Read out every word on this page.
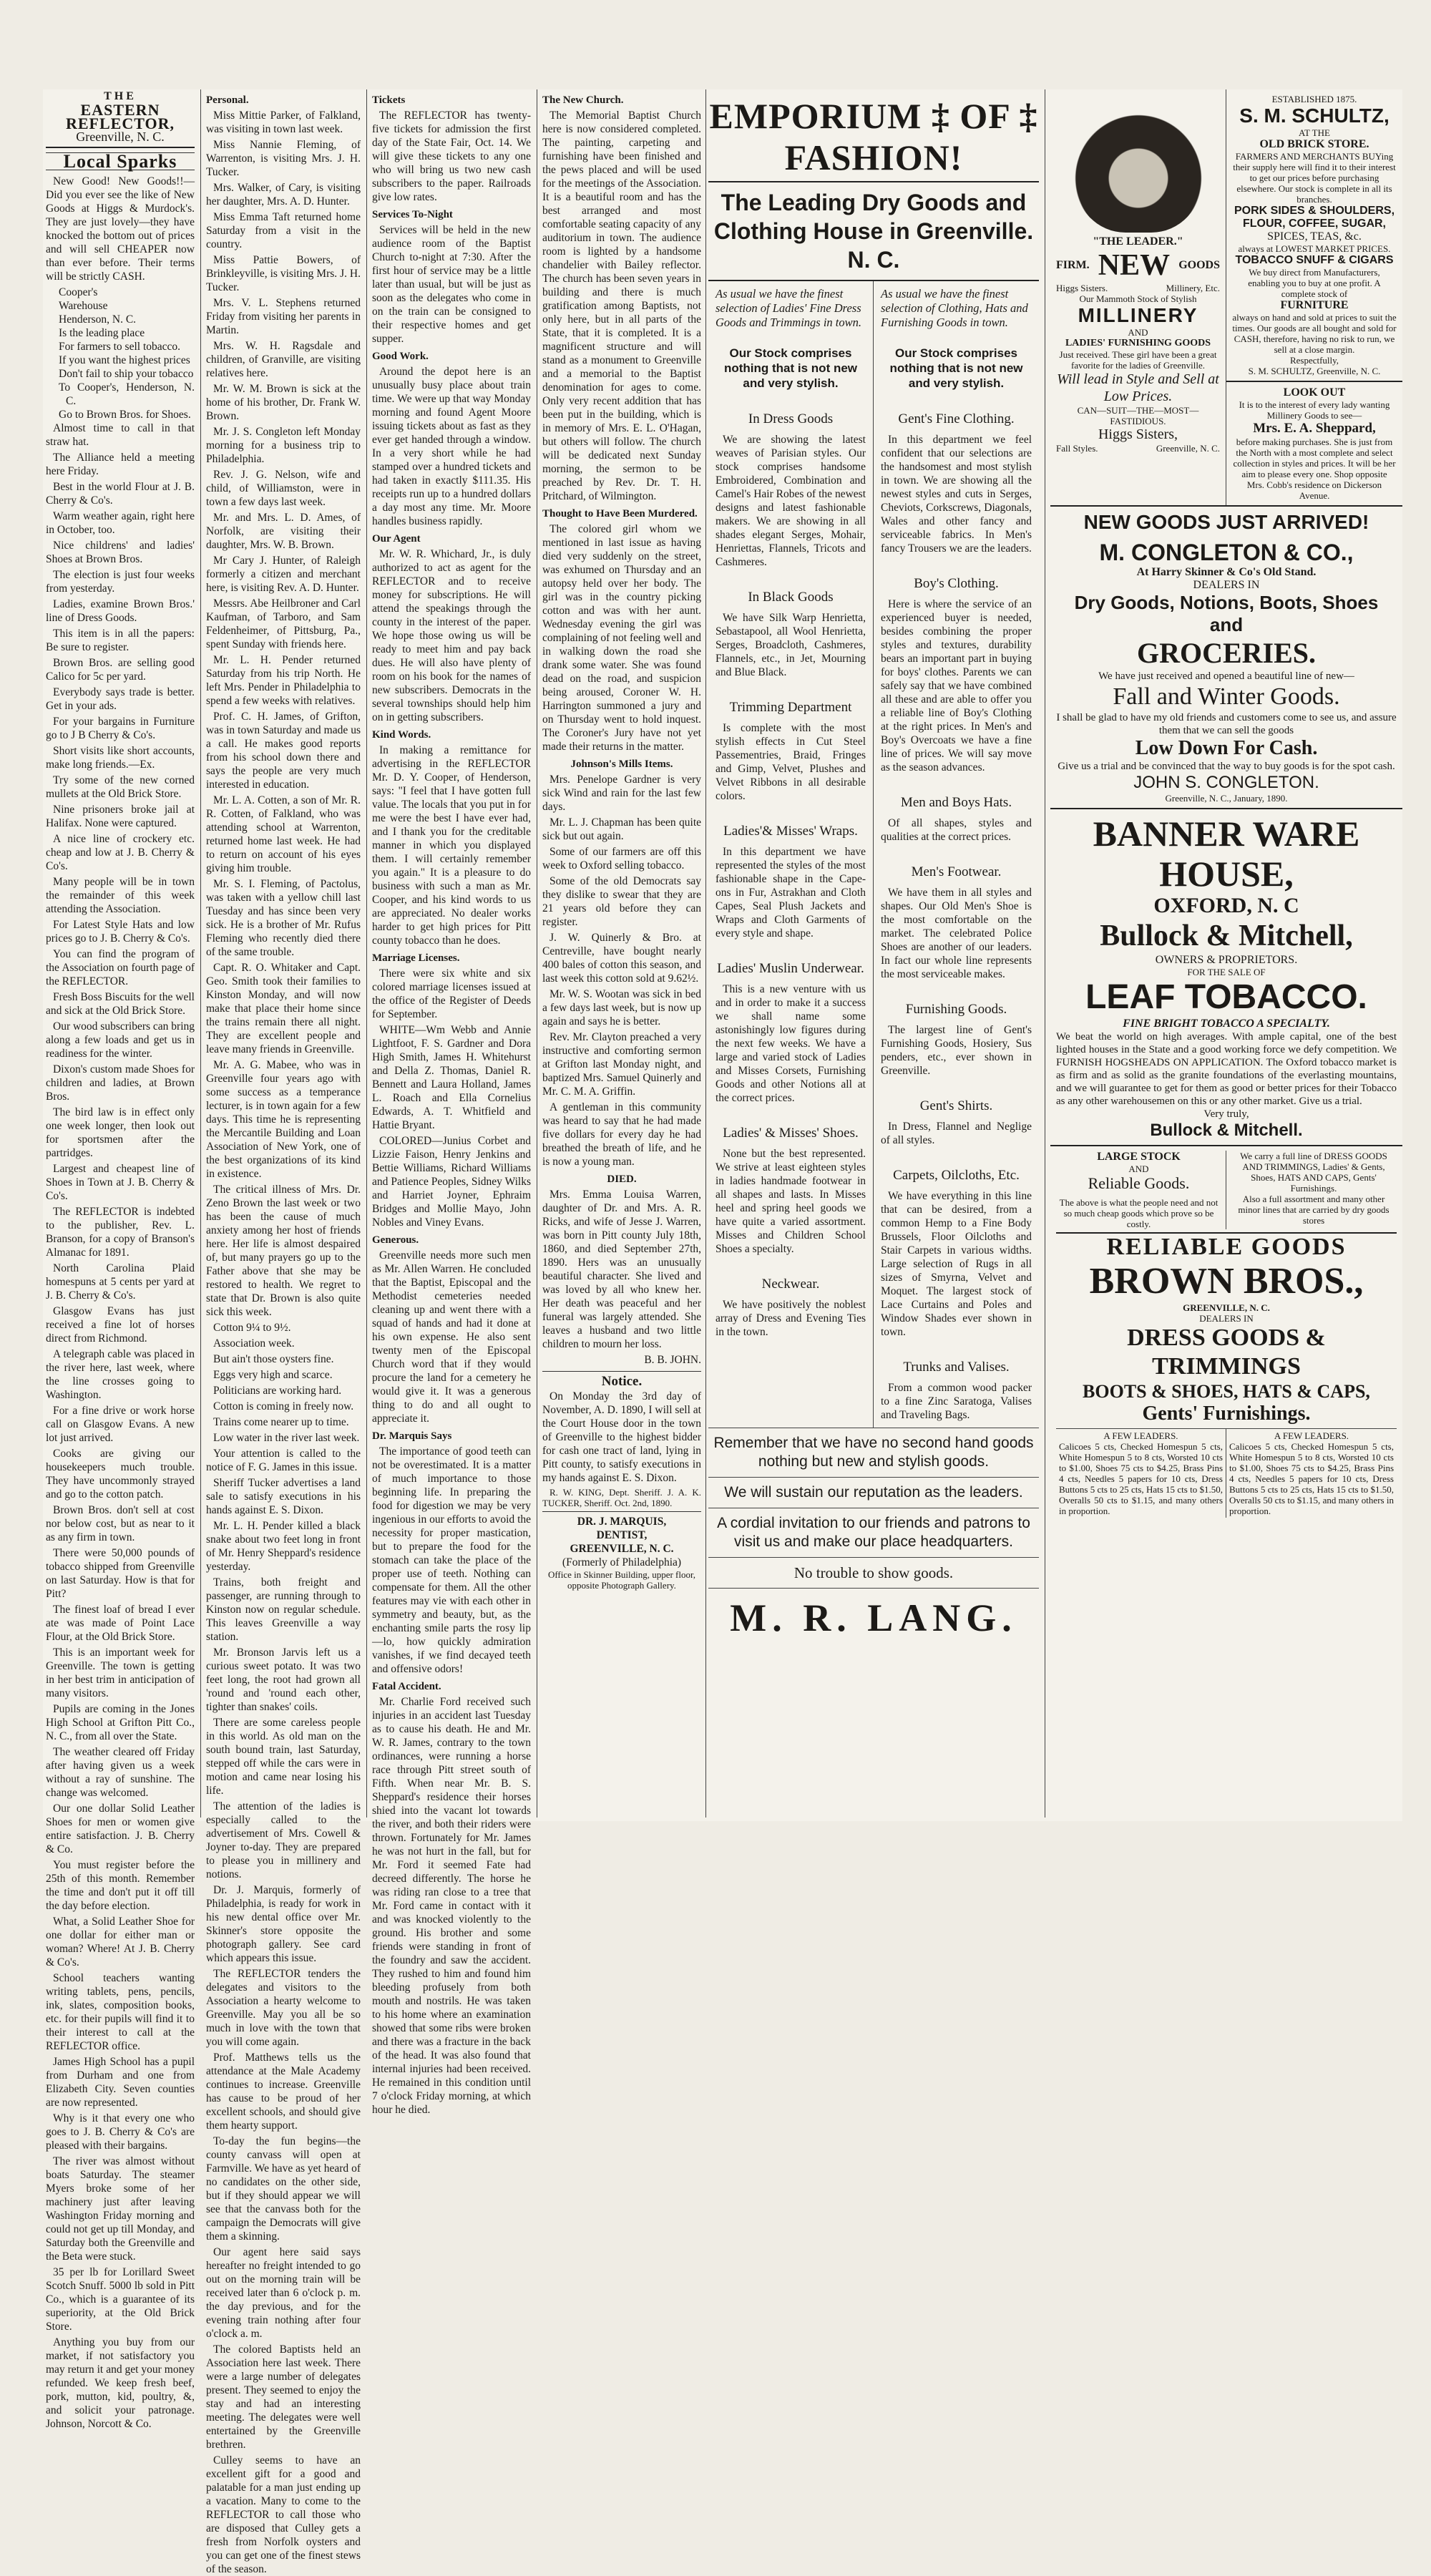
THE
EASTERN REFLECTOR,
Greenville, N. C.
Local Sparks

New Good! New Goods!!—Did you ever see the like of New Goods at Higgs & Murdock's. They are just lovely—they have knocked the bottom out of prices and will sell CHEAPER now than ever before. Their terms will be strictly CASH.

Cooper's
Warehouse
Henderson, N. C.
Is the leading place
For farmers to sell tobacco.
If you want the highest prices
Don't fail to ship your tobacco
To Cooper's, Henderson, N. C.
Go to Brown Bros. for Shoes.

Almost time to call in that straw hat.

The Alliance held a meeting here Friday.

Best in the world Flour at J. B. Cherry & Co's.

Warm weather again, right here in October, too.

Nice childrens' and ladies' Shoes at Brown Bros.

The election is just four weeks from yesterday.

Ladies, examine Brown Bros.' line of Dress Goods.

This item is in all the papers: Be sure to register.

Brown Bros. are selling good Calico for 5c per yard.

Everybody says trade is better. Get in your ads.

For your bargains in Furniture go to J B Cherry & Co's.

Short visits like short accounts, make long friends.—Ex.

Try some of the new corned mullets at the Old Brick Store.

Nine prisoners broke jail at Halifax. None were captured.

A nice line of crockery etc. cheap and low at J. B. Cherry & Co's.

Many people will be in town the remainder of this week attending the Association.

For Latest Style Hats and low prices go to J. B. Cherry & Co's.

You can find the program of the Association on fourth page of the REFLECTOR.

Fresh Boss Biscuits for the well and sick at the Old Brick Store.

Our wood subscribers can bring along a few loads and get us in readiness for the winter.

Dixon's custom made Shoes for children and ladies, at Brown Bros.

The bird law is in effect only one week longer, then look out for sportsmen after the partridges.

Largest and cheapest line of Shoes in Town at J. B. Cherry & Co's.

The REFLECTOR is indebted to the publisher, Rev. L. Branson, for a copy of Branson's Almanac for 1891.

North Carolina Plaid homespuns at 5 cents per yard at J. B. Cherry & Co's.

Glasgow Evans has just received a fine lot of horses direct from Richmond.

A telegraph cable was placed in the river here, last week, where the line crosses going to Washington.

For a fine drive or work horse call on Glasgow Evans. A new lot just arrived.

Cooks are giving our housekeepers much trouble. They have uncommonly strayed and go to the cotton patch.

Brown Bros. don't sell at cost nor below cost, but as near to it as any firm in town.

There were 50,000 pounds of tobacco shipped from Greenville on last Saturday. How is that for Pitt?

The finest loaf of bread I ever ate was made of Point Lace Flour, at the Old Brick Store.

This is an important week for Greenville. The town is getting in her best trim in anticipation of many visitors.

Pupils are coming in the Jones High School at Grifton Pitt Co., N. C., from all over the State.

The weather cleared off Friday after having given us a week without a ray of sunshine. The change was welcomed.

Our one dollar Solid Leather Shoes for men or women give entire satisfaction. J. B. Cherry & Co.

You must register before the 25th of this month. Remember the time and don't put it off till the day before election.

What, a Solid Leather Shoe for one dollar for either man or woman? Where! At J. B. Cherry & Co's.

School teachers wanting writing tablets, pens, pencils, ink, slates, composition books, etc. for their pupils will find it to their interest to call at the REFLECTOR office.

James High School has a pupil from Durham and one from Elizabeth City. Seven counties are now represented.

Why is it that every one who goes to J. B. Cherry & Co's are pleased with their bargains.

The river was almost without boats Saturday. The steamer Myers broke some of her machinery just after leaving Washington Friday morning and could not get up till Monday, and Saturday both the Greenville and the Beta were stuck.

35 per lb for Lorillard Sweet Scotch Snuff. 5000 lb sold in Pitt Co., which is a guarantee of its superiority, at the Old Brick Store.

Anything you buy from our market, if not satisfactory you may return it and get your money refunded. We keep fresh beef, pork, mutton, kid, poultry, &, and solicit your patronage. Johnson, Norcott & Co.

Personal.

Miss Mittie Parker, of Falkland, was visiting in town last week.

Miss Nannie Fleming, of Warrenton, is visiting Mrs. J. H. Tucker.

Mrs. Walker, of Cary, is visiting her daughter, Mrs. A. D. Hunter.

Miss Emma Taft returned home Saturday from a visit in the country.

Miss Pattie Bowers, of Brinkleyville, is visiting Mrs. J. H. Tucker.

Mrs. V. L. Stephens returned Friday from visiting her parents in Martin.

Mrs. W. H. Ragsdale and children, of Granville, are visiting relatives here.

Mr. W. M. Brown is sick at the home of his brother, Dr. Frank W. Brown.

Mr. J. S. Congleton left Monday morning for a business trip to Philadelphia.

Rev. J. G. Nelson, wife and child, of Williamston, were in town a few days last week.

Mr. and Mrs. L. D. Ames, of Norfolk, are visiting their daughter, Mrs. W. B. Brown.

Mr Cary J. Hunter, of Raleigh formerly a citizen and merchant here, is visiting Rev. A. D. Hunter.

Messrs. Abe Heilbroner and Carl Kaufman, of Tarboro, and Sam Feldenheimer, of Pittsburg, Pa., spent Sunday with friends here.

Mr. L. H. Pender returned Saturday from his trip North. He left Mrs. Pender in Philadelphia to spend a few weeks with relatives.

Prof. C. H. James, of Grifton, was in town Saturday and made us a call. He makes good reports from his school down there and says the people are very much interested in education.

Mr. L. A. Cotten, a son of Mr. R. R. Cotten, of Falkland, who was attending school at Warrenton, returned home last week. He had to return on account of his eyes giving him trouble.

Mr. S. I. Fleming, of Pactolus, was taken with a yellow chill last Tuesday and has since been very sick. He is a brother of Mr. Rufus Fleming who recently died there of the same trouble.

Capt. R. O. Whitaker and Capt. Geo. Smith took their families to Kinston Monday, and will now make that place their home since the trains remain there all night. They are excellent people and leave many friends in Greenville.

Mr. A. G. Mabee, who was in Greenville four years ago with some success as a temperance lecturer, is in town again for a few days. This time he is representing the Mercantile Building and Loan Association of New York, one of the best organizations of its kind in existence.

The critical illness of Mrs. Dr. Zeno Brown the last week or two has been the cause of much anxiety among her host of friends here. Her life is almost despaired of, but many prayers go up to the Father above that she may be restored to health. We regret to state that Dr. Brown is also quite sick this week.

Cotton 9¼ to 9½.

Association week.

But ain't those oysters fine.

Eggs very high and scarce.

Politicians are working hard.

Cotton is coming in freely now.

Trains come nearer up to time.

Low water in the river last week.

Your attention is called to the notice of F. G. James in this issue.

Sheriff Tucker advertises a land sale to satisfy executions in his hands against E. S. Dixon.

Mr. L. H. Pender killed a black snake about two feet long in front of Mr. Henry Sheppard's residence yesterday.

Trains, both freight and passenger, are running through to Kinston now on regular schedule. This leaves Greenville a way station.

Mr. Bronson Jarvis left us a curious sweet potato. It was two feet long, the root had grown all 'round and 'round each other, tighter than snakes' coils.

There are some careless people in this world. As old man on the south bound train, last Saturday, stepped off while the cars were in motion and came near losing his life.

The attention of the ladies is especially called to the advertisement of Mrs. Cowell & Joyner to-day. They are prepared to please you in millinery and notions.

Dr. J. Marquis, formerly of Philadelphia, is ready for work in his new dental office over Mr. Skinner's store opposite the photograph gallery. See card which appears this issue.

The REFLECTOR tenders the delegates and visitors to the Association a hearty welcome to Greenville. May you all be so much in love with the town that you will come again.

Prof. Matthews tells us the attendance at the Male Academy continues to increase. Greenville has cause to be proud of her excellent schools, and should give them hearty support.

To-day the fun begins—the county canvass will open at Farmville. We have as yet heard of no candidates on the other side, but if they should appear we will see that the canvass both for the campaign the Democrats will give them a skinning.

Our agent here said says hereafter no freight intended to go out on the morning train will be received later than 6 o'clock p. m. the day previous, and for the evening train nothing after four o'clock a. m.

The colored Baptists held an Association here last week. There were a large number of delegates present. They seemed to enjoy the stay and had an interesting meeting. The delegates were well entertained by the Greenville brethren.

Culley seems to have an excellent gift for a good and palatable for a man just ending up a vacation. Many to come to the REFLECTOR to call those who are disposed that Culley gets a fresh from Norfolk oysters and you can get one of the finest stews of the season.

Tickets

The REFLECTOR has twenty-five tickets for admission the first day of the State Fair, Oct. 14. We will give these tickets to any one who will bring us two new cash subscribers to the paper. Railroads give low rates.

Services To-Night

Services will be held in the new audience room of the Baptist Church to-night at 7:30. After the first hour of service may be a little later than usual, but will be just as soon as the delegates who come in on the train can be consigned to their respective homes and get supper.

Good Work.

Around the depot here is an unusually busy place about train time. We were up that way Monday morning and found Agent Moore issuing tickets about as fast as they ever get handed through a window. In a very short while he had stamped over a hundred tickets and had taken in exactly $111.35. His receipts run up to a hundred dollars a day most any time. Mr. Moore handles business rapidly.

Our Agent

Mr. W. R. Whichard, Jr., is duly authorized to act as agent for the REFLECTOR and to receive money for subscriptions. He will attend the speakings through the county in the interest of the paper. We hope those owing us will be ready to meet him and pay back dues. He will also have plenty of room on his book for the names of new subscribers. Democrats in the several townships should help him on in getting subscribers.

Kind Words.

In making a remittance for advertising in the REFLECTOR Mr. D. Y. Cooper, of Henderson, says: "I feel that I have gotten full value. The locals that you put in for me were the best I have ever had, and I thank you for the creditable manner in which you displayed them. I will certainly remember you again." It is a pleasure to do business with such a man as Mr. Cooper, and his kind words to us are appreciated. No dealer works harder to get high prices for Pitt county tobacco than he does.

Marriage Licenses.

There were six white and six colored marriage licenses issued at the office of the Register of Deeds for September.

WHITE—Wm Webb and Annie Lightfoot, F. S. Gardner and Dora High Smith, James H. Whitehurst and Della Z. Thomas, Daniel R. Bennett and Laura Holland, James L. Roach and Ella Cornelius Edwards, A. T. Whitfield and Hattie Bryant.

COLORED—Junius Corbet and Lizzie Faison, Henry Jenkins and Bettie Williams, Richard Williams and Patience Peoples, Sidney Wilks and Harriet Joyner, Ephraim Bridges and Mollie Mayo, John Nobles and Viney Evans.

Generous.

Greenville needs more such men as Mr. Allen Warren. He concluded that the Baptist, Episcopal and the Methodist cemeteries needed cleaning up and went there with a squad of hands and had it done at his own expense. He also sent twenty men of the Episcopal Church word that if they would procure the land for a cemetery he would give it. It was a generous thing to do and all ought to appreciate it.

Dr. Marquis Says

The importance of good teeth can not be overestimated. It is a matter of much importance to those beginning life. In preparing the food for digestion we may be very ingenious in our efforts to avoid the necessity for proper mastication, but to prepare the food for the stomach can take the place of the proper use of teeth. Nothing can compensate for them. All the other features may vie with each other in symmetry and beauty, but, as the enchanting smile parts the rosy lip—lo, how quickly admiration vanishes, if we find decayed teeth and offensive odors!

Fatal Accident.

Mr. Charlie Ford received such injuries in an accident last Tuesday as to cause his death. He and Mr. W. R. James, contrary to the town ordinances, were running a horse race through Pitt street south of Fifth. When near Mr. B. S. Sheppard's residence their horses shied into the vacant lot towards the river, and both their riders were thrown. Fortunately for Mr. James he was not hurt in the fall, but for Mr. Ford it seemed Fate had decreed differently. The horse he was riding ran close to a tree that Mr. Ford came in contact with it and was knocked violently to the ground. His brother and some friends were standing in front of the foundry and saw the accident. They rushed to him and found him bleeding profusely from both mouth and nostrils. He was taken to his home where an examination showed that some ribs were broken and there was a fracture in the back of the head. It was also found that internal injuries had been received. He remained in this condition until 7 o'clock Friday morning, at which hour he died.

The New Church.

The Memorial Baptist Church here is now considered completed. The painting, carpeting and furnishing have been finished and the pews placed and will be used for the meetings of the Association. It is a beautiful room and has the best arranged and most comfortable seating capacity of any auditorium in town. The audience room is lighted by a handsome chandelier with Bailey reflector. The church has been seven years in building and there is much gratification among Baptists, not only here, but in all parts of the State, that it is completed. It is a magnificent structure and will stand as a monument to Greenville and a memorial to the Baptist denomination for ages to come. Only very recent addition that has been put in the building, which is in memory of Mrs. E. L. O'Hagan, but others will follow. The church will be dedicated next Sunday morning, the sermon to be preached by Rev. Dr. T. H. Pritchard, of Wilmington.

Thought to Have Been Murdered.

The colored girl whom we mentioned in last issue as having died very suddenly on the street, was exhumed on Thursday and an autopsy held over her body. The girl was in the country picking cotton and was with her aunt. Wednesday evening the girl was complaining of not feeling well and in walking down the road she drank some water. She was found dead on the road, and suspicion being aroused, Coroner W. H. Harrington summoned a jury and on Thursday went to hold inquest. The Coroner's Jury have not yet made their returns in the matter.

Johnson's Mills Items.

Mrs. Penelope Gardner is very sick Wind and rain for the last few days.

Mr. L. J. Chapman has been quite sick but out again.

Some of our farmers are off this week to Oxford selling tobacco.

Some of the old Democrats say they dislike to swear that they are 21 years old before they can register.

J. W. Quinerly & Bro. at Centreville, have bought nearly 400 bales of cotton this season, and last week this cotton sold at 9.62½.

Mr. W. S. Wootan was sick in bed a few days last week, but is now up again and says he is better.

Rev. Mr. Clayton preached a very instructive and comforting sermon at Grifton last Monday night, and baptized Mrs. Samuel Quinerly and Mr. C. M. A. Griffin.

A gentleman in this community was heard to say that he had made five dollars for every day he had breathed the breath of life, and he is now a young man.

DIED.

Mrs. Emma Louisa Warren, daughter of Dr. and Mrs. A. R. Ricks, and wife of Jesse J. Warren, was born in Pitt county July 18th, 1860, and died September 27th, 1890. Hers was an unusually beautiful character. She lived and was loved by all who knew her. Her death was peaceful and her funeral was largely attended. She leaves a husband and two little children to mourn her loss.

B. B. JOHN.

Notice.

On Monday the 3rd day of November, A. D. 1890, I will sell at the Court House door in the town of Greenville to the highest bidder for cash one tract of land, lying in Pitt county, to satisfy executions in my hands against E. S. Dixon.

R. W. KING, Dept. Sheriff. J. A. K. TUCKER, Sheriff. Oct. 2nd, 1890.

DR. J. MARQUIS,
DENTIST,
GREENVILLE, N. C.
(Formerly of Philadelphia)
Office in Skinner Building, upper floor, opposite Photograph Gallery.
EMPORIUM ‡ OF ‡ FASHION!
The Leading Dry Goods and Clothing House in Greenville. N. C.
As usual we have the finest selection of Ladies' Fine Dress Goods and Trimmings in town.
Our Stock comprises nothing that is not new and very stylish.
In Dress Goods

We are showing the latest weaves of Parisian styles. Our stock comprises handsome Embroidered, Combination and Camel's Hair Robes of the newest designs and latest fashionable makers. We are showing in all shades elegant Serges, Mohair, Henriettas, Flannels, Tricots and Cashmeres.

In Black Goods

We have Silk Warp Henrietta, Sebastapool, all Wool Henrietta, Serges, Broadcloth, Cashmeres, Flannels, etc., in Jet, Mourning and Blue Black.

Trimming Department

Is complete with the most stylish effects in Cut Steel Passementries, Braid, Fringes and Gimp, Velvet, Plushes and Velvet Ribbons in all desirable colors.

Ladies'& Misses' Wraps.

In this department we have represented the styles of the most fashionable shape in the Cape-ons in Fur, Astrakhan and Cloth Capes, Seal Plush Jackets and Wraps and Cloth Garments of every style and shape.

Ladies' Muslin Underwear.

This is a new venture with us and in order to make it a success we shall name some astonishingly low figures during the next few weeks. We have a large and varied stock of Ladies and Misses Corsets, Furnishing Goods and other Notions all at the correct prices.

Ladies' & Misses' Shoes.

None but the best represented. We strive at least eighteen styles in ladies handmade footwear in all shapes and lasts. In Misses heel and spring heel goods we have quite a varied assortment. Misses and Children School Shoes a specialty.

Neckwear.

We have positively the noblest array of Dress and Evening Ties in the town.

As usual we have the finest selection of Clothing, Hats and Furnishing Goods in town.
Our Stock comprises nothing that is not new and very stylish.
Gent's Fine Clothing.

In this department we feel confident that our selections are the handsomest and most stylish in town. We are showing all the newest styles and cuts in Serges, Cheviots, Corkscrews, Diagonals, Wales and other fancy and serviceable fabrics. In Men's fancy Trousers we are the leaders.

Boy's Clothing.

Here is where the service of an experienced buyer is needed, besides combining the proper styles and textures, durability bears an important part in buying for boys' clothes. Parents we can safely say that we have combined all these and are able to offer you a reliable line of Boy's Clothing at the right prices. In Men's and Boy's Overcoats we have a fine line of prices. We will say move as the season advances.

Men and Boys Hats.

Of all shapes, styles and qualities at the correct prices.

Men's Footwear.

We have them in all styles and shapes. Our Old Men's Shoe is the most comfortable on the market. The celebrated Police Shoes are another of our leaders. In fact our whole line represents the most serviceable makes.

Furnishing Goods.

The largest line of Gent's Furnishing Goods, Hosiery, Sus penders, etc., ever shown in Greenville.

Gent's Shirts.

In Dress, Flannel and Neglige of all styles.

Carpets, Oilcloths, Etc.

We have everything in this line that can be desired, from a common Hemp to a Fine Body Brussels, Floor Oilcloths and Stair Carpets in various widths. Large selection of Rugs in all sizes of Smyrna, Velvet and Moquet. The largest stock of Lace Curtains and Poles and Window Shades ever shown in town.

Trunks and Valises.

From a common wood packer to a fine Zinc Saratoga, Valises and Traveling Bags.

Remember that we have no second hand goods nothing but new and stylish goods.
We will sustain our reputation as the leaders.
A cordial invitation to our friends and patrons to visit us and make our place headquarters.
No trouble to show goods.
M. R. LANG.
"THE LEADER."
FIRM. NEW GOODS
Higgs Sisters.	Millinery, Etc.

Our Mammoth Stock of Stylish

MILLINERY

AND

LADIES' FURNISHING GOODS

Just received. These girl have been a great favorite for the ladies of Greenville.

Will lead in Style and Sell at Low Prices.

CAN—SUIT—THE—MOST—FASTIDIOUS.

Higgs Sisters,
Fall Styles.	Greenville, N. C.
ESTABLISHED 1875.
S. M. SCHULTZ,
AT THE
OLD BRICK STORE.

FARMERS AND MERCHANTS BUYing their supply here will find it to their interest to get our prices before purchasing elsewhere. Our stock is complete in all its branches.

PORK SIDES & SHOULDERS,
FLOUR, COFFEE, SUGAR,
SPICES, TEAS, &c.

always at LOWEST MARKET PRICES.

TOBACCO SNUFF & CIGARS

We buy direct from Manufacturers, enabling you to buy at one profit. A complete stock of

FURNITURE

always on hand and sold at prices to suit the times. Our goods are all bought and sold for CASH, therefore, having no risk to run, we sell at a close margin.

Respectfully,

S. M. SCHULTZ, Greenville, N. C.

LOOK OUT

It is to the interest of every lady wanting Millinery Goods to see—

Mrs. E. A. Sheppard,

before making purchases. She is just from the North with a most complete and select collection in styles and prices. It will be her aim to please every one. Shop opposite Mrs. Cobb's residence on Dickerson Avenue.

NEW GOODS JUST ARRIVED!
M. CONGLETON & CO.,
At Harry Skinner & Co's Old Stand.
DEALERS IN
Dry Goods, Notions, Boots, Shoes and
GROCERIES.

We have just received and opened a beautiful line of new—

Fall and Winter Goods.

I shall be glad to have my old friends and customers come to see us, and assure them that we can sell the goods

Low Down For Cash.

Give us a trial and be convinced that the way to buy goods is for the spot cash.

JOHN S. CONGLETON.

Greenville, N. C., January, 1890.

BANNER WARE HOUSE,
OXFORD, N. C
Bullock & Mitchell,
OWNERS & PROPRIETORS.
FOR THE SALE OF
LEAF TOBACCO.
FINE BRIGHT TOBACCO A SPECIALTY.

We beat the world on high averages. With ample capital, one of the best lighted houses in the State and a good working force we defy competition. We FURNISH HOGSHEADS ON APPLICATION. The Oxford tobacco market is as firm and as solid as the granite foundations of the everlasting mountains, and we will guarantee to get for them as good or better prices for their Tobacco as any other warehousemen on this or any other market. Give us a trial.

Very truly,

Bullock & Mitchell.
LARGE STOCK
AND
Reliable Goods.

The above is what the people need and not so much cheap goods which prove so be costly.

We carry a full line of DRESS GOODS AND TRIMMINGS, Ladies' & Gents, Shoes, HATS AND CAPS, Gents' Furnishings.

Also a full assortment and many other minor lines that are carried by dry goods stores

RELIABLE GOODS
BROWN BROS.,
GREENVILLE, N. C.
DEALERS IN
DRESS GOODS & TRIMMINGS
BOOTS & SHOES, HATS & CAPS,
Gents' Furnishings.
A FEW LEADERS.

Calicoes 5 cts, Checked Homespun 5 cts, White Homespun 5 to 8 cts, Worsted 10 cts to $1.00, Shoes 75 cts to $4.25, Brass Pins 4 cts, Needles 5 papers for 10 cts, Dress Buttons 5 cts to 25 cts, Hats 15 cts to $1.50, Overalls 50 cts to $1.15, and many others in proportion.

A FEW LEADERS.

Calicoes 5 cts, Checked Homespun 5 cts, White Homespun 5 to 8 cts, Worsted 10 cts to $1.00, Shoes 75 cts to $4.25, Brass Pins 4 cts, Needles 5 papers for 10 cts, Dress Buttons 5 cts to 25 cts, Hats 15 cts to $1.50, Overalls 50 cts to $1.15, and many others in proportion.
